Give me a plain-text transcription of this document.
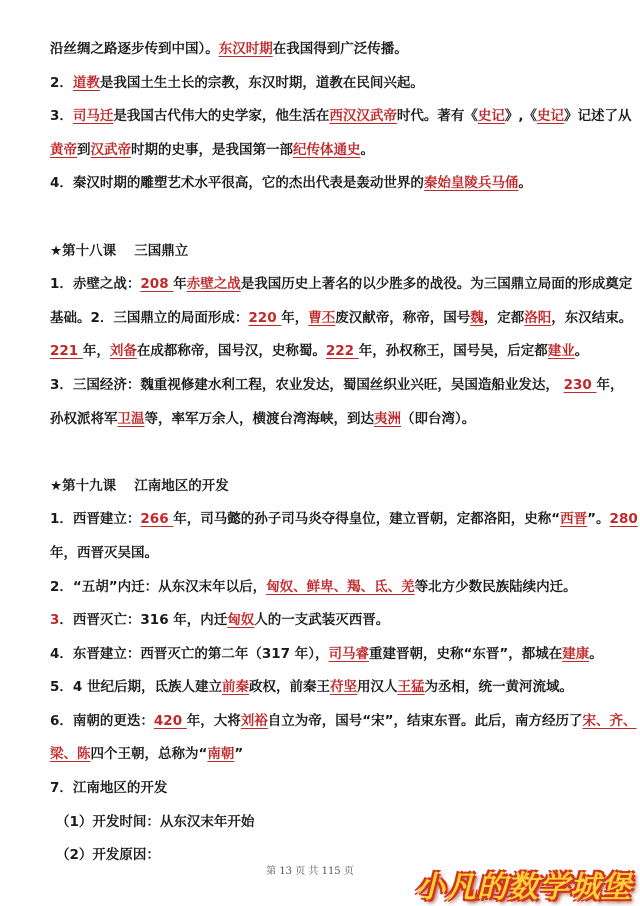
沿丝绸之路逐步传到中国）。东汉时期在我国得到广泛传播。
2．道教是我国土生土长的宗教，东汉时期，道教在民间兴起。
3．司马迁是我国古代伟大的史学家，他生活在西汉汉武帝时代。著有《史记》,《史记》记述了从
黄帝到汉武帝时期的史事，是我国第一部纪传体通史。
4．秦汉时期的雕塑艺术水平很高，它的杰出代表是轰动世界的秦始皇陵兵马俑。
★第十八课　 三国鼎立
1．赤壁之战：208 年赤壁之战是我国历史上著名的以少胜多的战役。为三国鼎立局面的形成奠定
基础。2．三国鼎立的局面形成：220 年，曹丕废汉献帝，称帝，国号魏，定都洛阳，东汉结束。
221 年，刘备在成都称帝，国号汉，史称蜀。222 年，孙权称王，国号吴，后定都建业。
3．三国经济：魏重视修建水利工程，农业发达，蜀国丝织业兴旺，吴国造船业发达， 230 年，
孙权派将军卫温等，率军万余人，横渡台湾海峡，到达夷洲（即台湾）。
★第十九课　 江南地区的开发
1．西晋建立：266 年，司马懿的孙子司马炎夺得皇位，建立晋朝，定都洛阳，史称“西晋”。280
年，西晋灭吴国。
2．“五胡”内迁：从东汉末年以后，匈奴、鲜卑、羯、氐、羌等北方少数民族陆续内迁。
3．西晋灭亡：316 年，内迁匈奴人的一支武装灭西晋。
4．东晋建立：西晋灭亡的第二年（317 年），司马睿重建晋朝，史称“东晋”，都城在建康。
5．4 世纪后期，氐族人建立前秦政权，前秦王苻坚用汉人王猛为丞相，统一黄河流域。
6．南朝的更迭：420 年，大将刘裕自立为帝，国号“宋”，结束东晋。此后，南方经历了宋、齐、
梁、陈四个王朝，总称为“南朝”
7．江南地区的开发
（1）开发时间：从东汉末年开始
（2）开发原因：
第 13 页 共 115 页	小凡的数学城堡
